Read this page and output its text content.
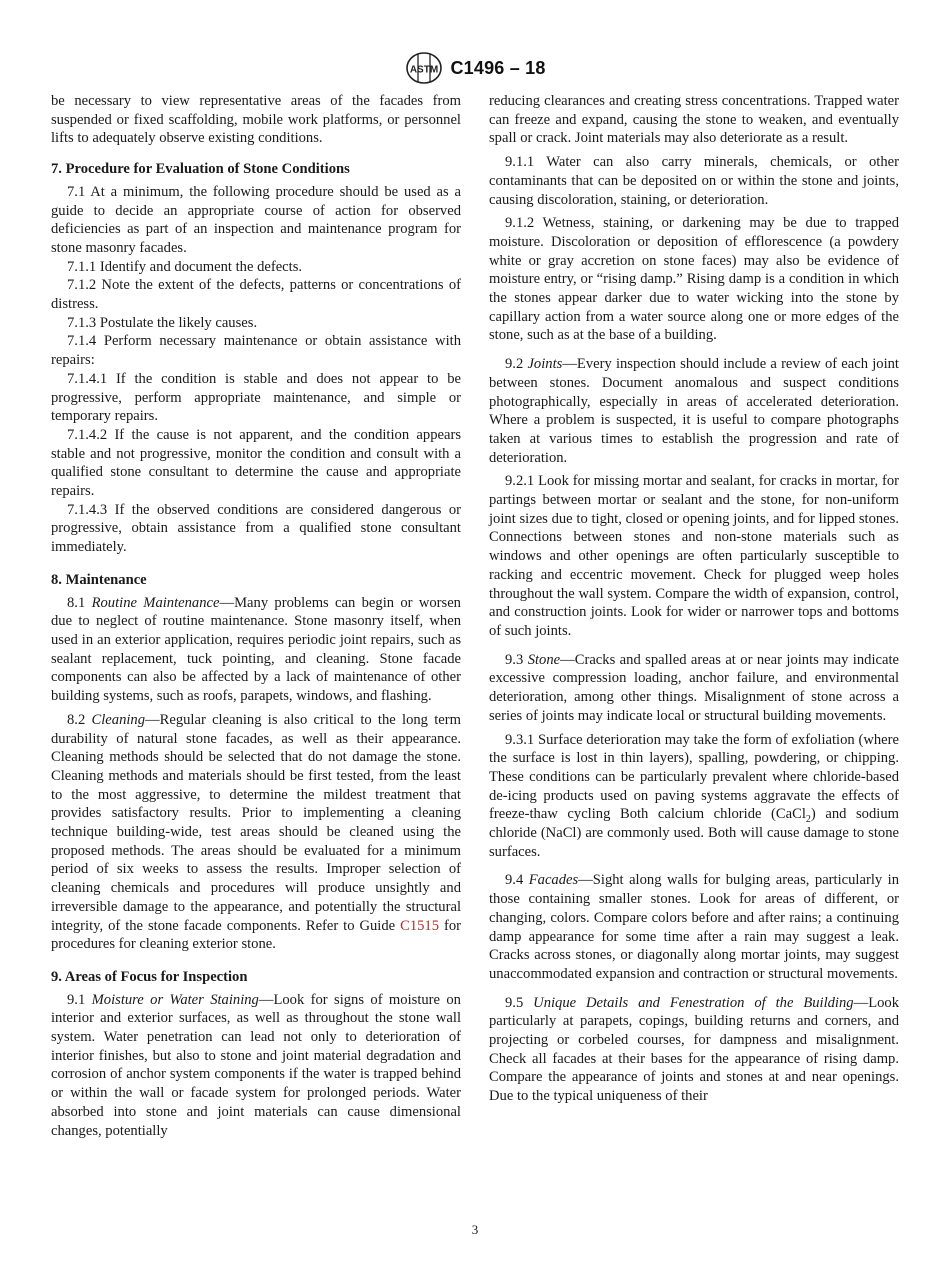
ASTM C1496 – 18

be necessary to view representative areas of the facades from suspended or fixed scaffolding, mobile work platforms, or personnel lifts to adequately observe existing conditions.

7. Procedure for Evaluation of Stone Conditions

7.1 At a minimum, the following procedure should be used as a guide to decide an appropriate course of action for observed deficiencies as part of an inspection and maintenance program for stone masonry facades.

7.1.1 Identify and document the defects.

7.1.2 Note the extent of the defects, patterns or concentrations of distress.

7.1.3 Postulate the likely causes.

7.1.4 Perform necessary maintenance or obtain assistance with repairs:

7.1.4.1 If the condition is stable and does not appear to be progressive, perform appropriate maintenance, and simple or temporary repairs.

7.1.4.2 If the cause is not apparent, and the condition appears stable and not progressive, monitor the condition and consult with a qualified stone consultant to determine the cause and appropriate repairs.

7.1.4.3 If the observed conditions are considered dangerous or progressive, obtain assistance from a qualified stone consultant immediately.

8. Maintenance

8.1 Routine Maintenance—Many problems can begin or worsen due to neglect of routine maintenance. Stone masonry itself, when used in an exterior application, requires periodic joint repairs, such as sealant replacement, tuck pointing, and cleaning. Stone facade components can also be affected by a lack of maintenance of other building systems, such as roofs, parapets, windows, and flashing.

8.2 Cleaning—Regular cleaning is also critical to the long term durability of natural stone facades, as well as their appearance. Cleaning methods should be selected that do not damage the stone. Cleaning methods and materials should be first tested, from the least to the most aggressive, to determine the mildest treatment that provides satisfactory results. Prior to implementing a cleaning technique building-wide, test areas should be cleaned using the proposed methods. The areas should be evaluated for a minimum period of six weeks to assess the results. Improper selection of cleaning chemicals and procedures will produce unsightly and irreversible damage to the appearance, and potentially the structural integrity, of the stone facade components. Refer to Guide C1515 for procedures for cleaning exterior stone.

9. Areas of Focus for Inspection

9.1 Moisture or Water Staining—Look for signs of moisture on interior and exterior surfaces, as well as throughout the stone wall system. Water penetration can lead not only to deterioration of interior finishes, but also to stone and joint material degradation and corrosion of anchor system components if the water is trapped behind or within the wall or facade system for prolonged periods. Water absorbed into stone and joint materials can cause dimensional changes, potentially

reducing clearances and creating stress concentrations. Trapped water can freeze and expand, causing the stone to weaken, and eventually spall or crack. Joint materials may also deteriorate as a result.

9.1.1 Water can also carry minerals, chemicals, or other contaminants that can be deposited on or within the stone and joints, causing discoloration, staining, or deterioration.

9.1.2 Wetness, staining, or darkening may be due to trapped moisture. Discoloration or deposition of efflorescence (a powdery white or gray accretion on stone faces) may also be evidence of moisture entry, or “rising damp.” Rising damp is a condition in which the stones appear darker due to water wicking into the stone by capillary action from a water source along one or more edges of the stone, such as at the base of a building.

9.2 Joints—Every inspection should include a review of each joint between stones. Document anomalous and suspect conditions photographically, especially in areas of accelerated deterioration. Where a problem is suspected, it is useful to compare photographs taken at various times to establish the progression and rate of deterioration.

9.2.1 Look for missing mortar and sealant, for cracks in mortar, for partings between mortar or sealant and the stone, for non-uniform joint sizes due to tight, closed or opening joints, and for lipped stones. Connections between stones and non-stone materials such as windows and other openings are often particularly susceptible to racking and eccentric movement. Check for plugged weep holes throughout the wall system. Compare the width of expansion, control, and construction joints. Look for wider or narrower tops and bottoms of such joints.

9.3 Stone—Cracks and spalled areas at or near joints may indicate excessive compression loading, anchor failure, and environmental deterioration, among other things. Misalignment of stone across a series of joints may indicate local or structural building movements.

9.3.1 Surface deterioration may take the form of exfoliation (where the surface is lost in thin layers), spalling, powdering, or chipping. These conditions can be particularly prevalent where chloride-based de-icing products used on paving systems aggravate the effects of freeze-thaw cycling Both calcium chloride (CaCl$_2$) and sodium chloride (NaCl) are commonly used. Both will cause damage to stone surfaces.

9.4 Facades—Sight along walls for bulging areas, particularly in those containing smaller stones. Look for areas of different, or changing, colors. Compare colors before and after rains; a continuing damp appearance for some time after a rain may suggest a leak. Cracks across stones, or diagonally along mortar joints, may suggest unaccommodated expansion and contraction or structural movements.

9.5 Unique Details and Fenestration of the Building—Look particularly at parapets, copings, building returns and corners, and projecting or corbeled courses, for dampness and misalignment. Check all facades at their bases for the appearance of rising damp. Compare the appearance of joints and stones at and near openings. Due to the typical uniqueness of their

3
